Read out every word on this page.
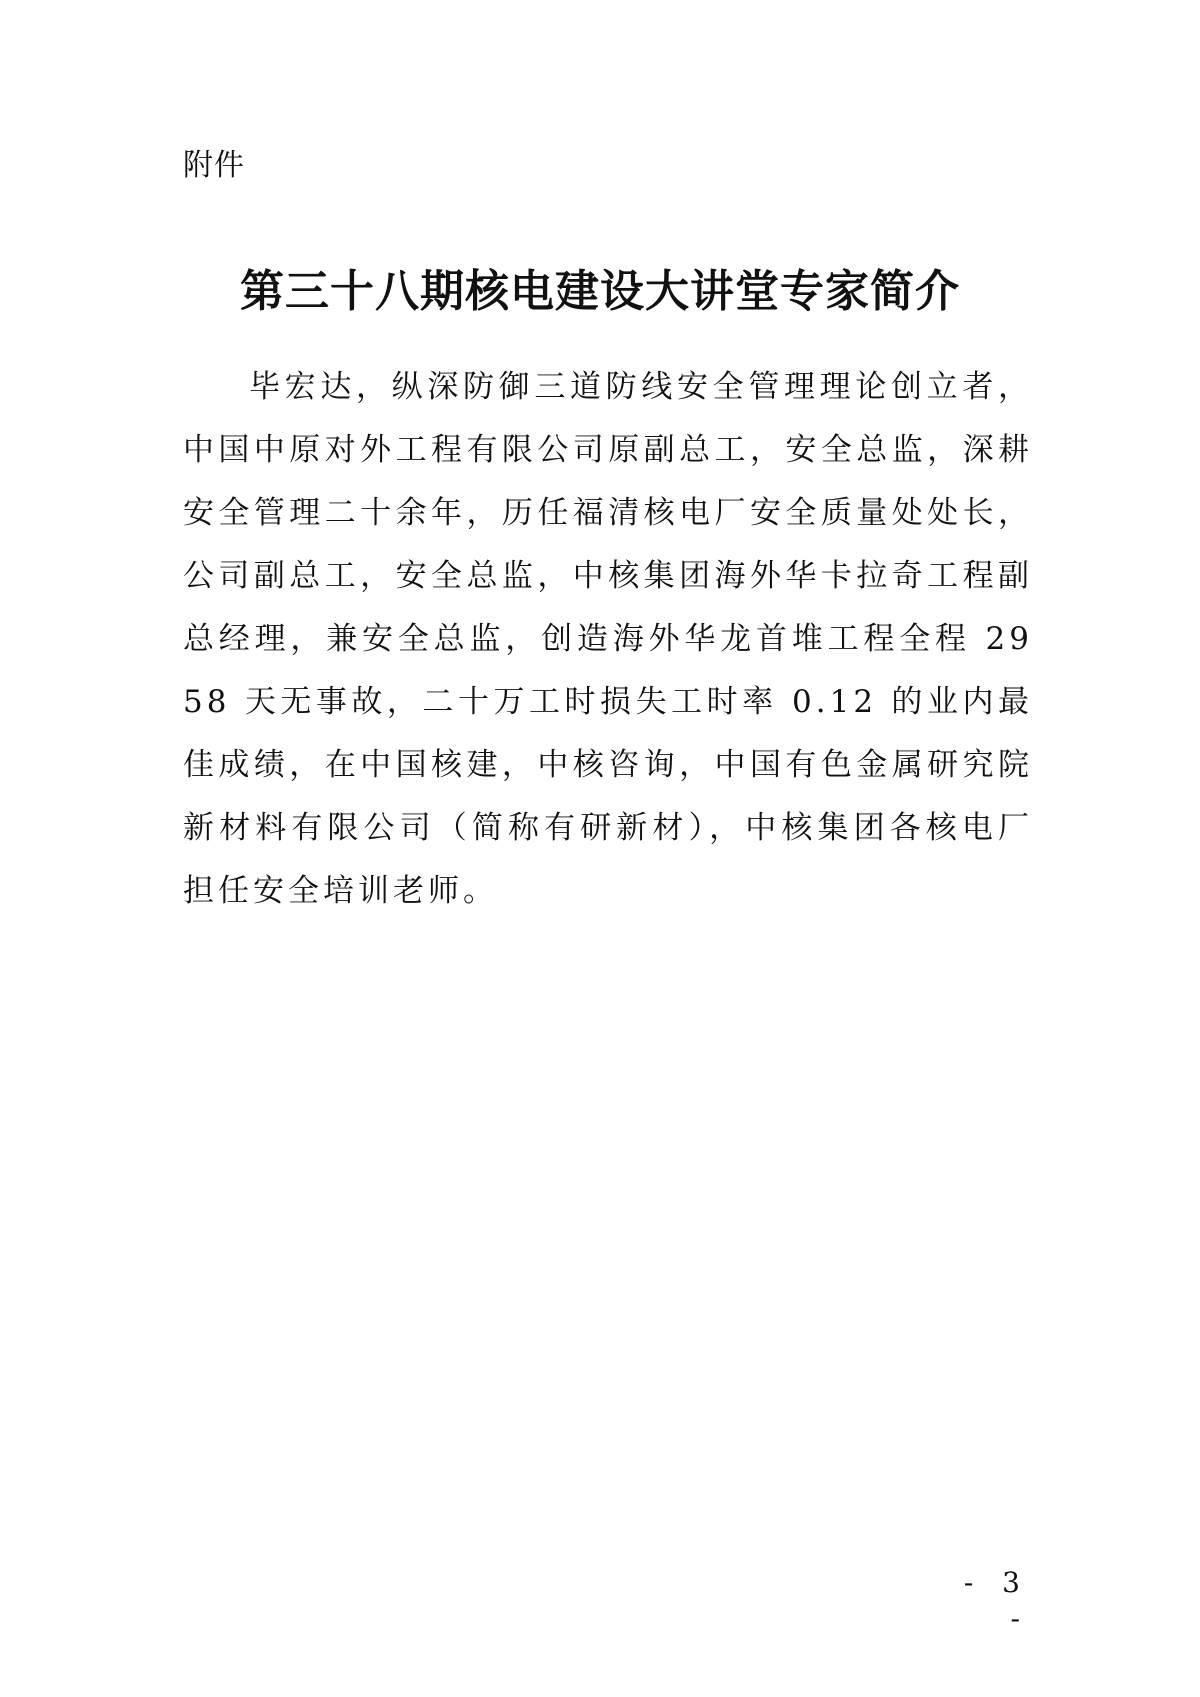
附件
第三十八期核电建设大讲堂专家简介

毕宏达，纵深防御三道防线安全管理理论创立者，中国中原对外工程有限公司原副总工，安全总监，深耕安全管理二十余年，历任福清核电厂安全质量处处长，公司副总工，安全总监，中核集团海外华卡拉奇工程副总经理，兼安全总监，创造海外华龙首堆工程全程 2958 天无事故，二十万工时损失工时率 0.12 的业内最佳成绩，在中国核建，中核咨询，中国有色金属研究院新材料有限公司（简称有研新材），中核集团各核电厂担任安全培训老师。

- 3 -
